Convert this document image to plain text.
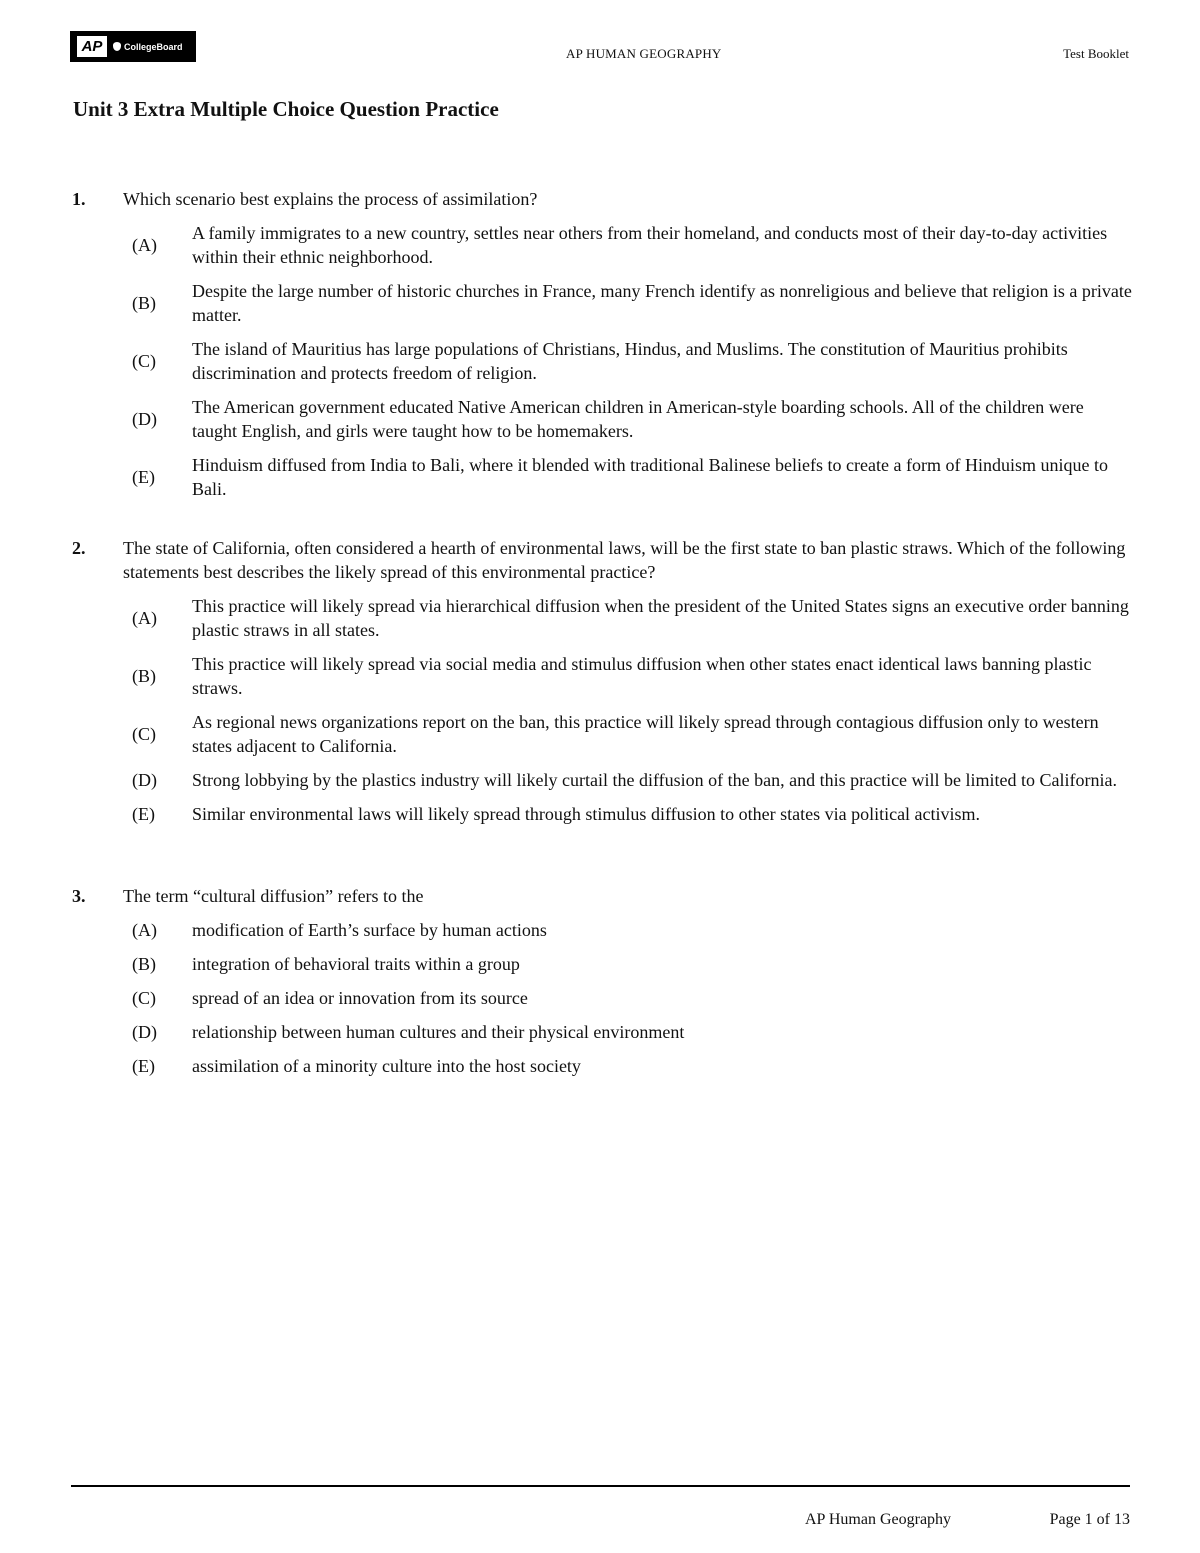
AP	CollegeBoard	AP HUMAN GEOGRAPHY	Test Booklet
Unit 3 Extra Multiple Choice Question Practice
1.	Which scenario best explains the process of assimilation?
(A)
A family immigrates to a new country, settles near others from their homeland, and conducts most of their day-to-day activities within their ethnic neighborhood.
(B)
Despite the large number of historic churches in France, many French identify as nonreligious and believe that religion is a private matter.
(C)
The island of Mauritius has large populations of Christians, Hindus, and Muslims. The constitution of Mauritius prohibits discrimination and protects freedom of religion.
(D)
The American government educated Native American children in American-style boarding schools. All of the children were taught English, and girls were taught how to be homemakers.
(E)
Hinduism diffused from India to Bali, where it blended with traditional Balinese beliefs to create a form of Hinduism unique to Bali.
2.	The state of California, often considered a hearth of environmental laws, will be the first state to ban plastic straws. Which of the following statements best describes the likely spread of this environmental practice?
(A)
This practice will likely spread via hierarchical diffusion when the president of the United States signs an executive order banning plastic straws in all states.
(B)
This practice will likely spread via social media and stimulus diffusion when other states enact identical laws banning plastic straws.
(C)
As regional news organizations report on the ban, this practice will likely spread through contagious diffusion only to western states adjacent to California.
(D)	Strong lobbying by the plastics industry will likely curtail the diffusion of the ban, and this practice will be limited to California.
(E)	Similar environmental laws will likely spread through stimulus diffusion to other states via political activism.
3.	The term “cultural diffusion” refers to the
(A)	modification of Earth’s surface by human actions
(B)	integration of behavioral traits within a group
(C)	spread of an idea or innovation from its source
(D)	relationship between human cultures and their physical environment
(E)	assimilation of a minority culture into the host society
AP Human Geography	Page 1 of 13
